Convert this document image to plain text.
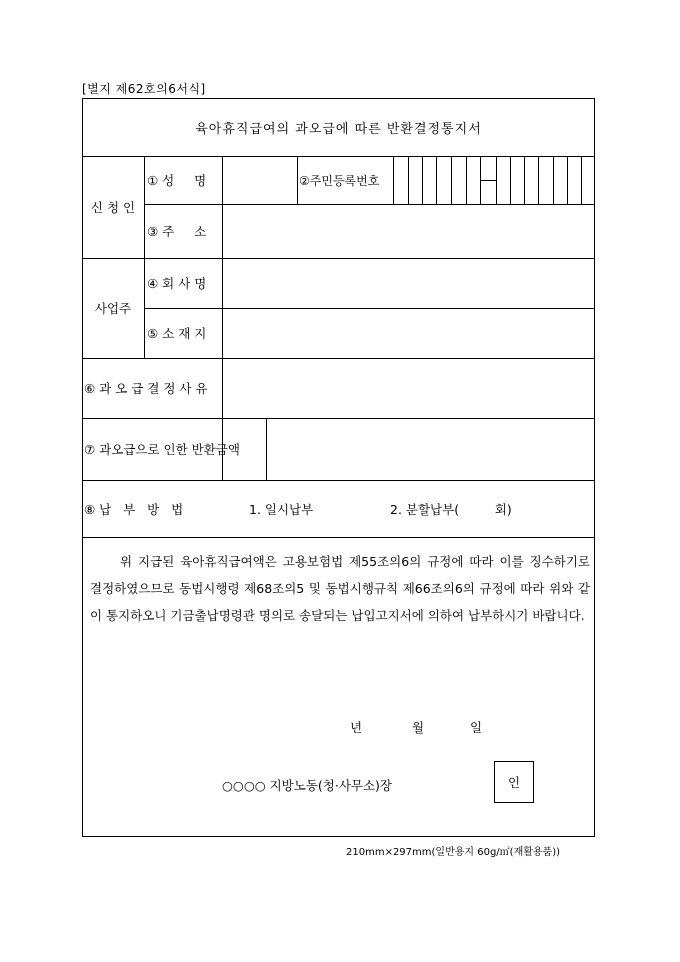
[별지 제62호의6서식]
육아휴직급여의 과오급에 따른 반환결정통지서
신 청 인
① 성     명	②주민등록번호
③ 주     소
사업주
④ 회 사 명
⑤ 소 재 지
⑥ 과 오 급 결 정 사 유
⑦ 과오급으로 인한 반환금액
⑧ 납   부   방   법	1. 일시납부	2. 분할납부(         회)
위 지급된 육아휴직급여액은 고용보험법 제55조의6의 규정에 따라 이를 징수하기로 결정하였으므로 동법시행령 제68조의5 및 동법시행규칙 제66조의6의 규정에 따라 위와 같이 통지하오니 기금출납명령관 명의로 송달되는 납입고지서에 의하여 납부하시기 바랍니다.
년	월	일
○○○○ 지방노동(청·사무소)장	인
210mm×297mm(일반용지 60g/㎡(재활용품))
